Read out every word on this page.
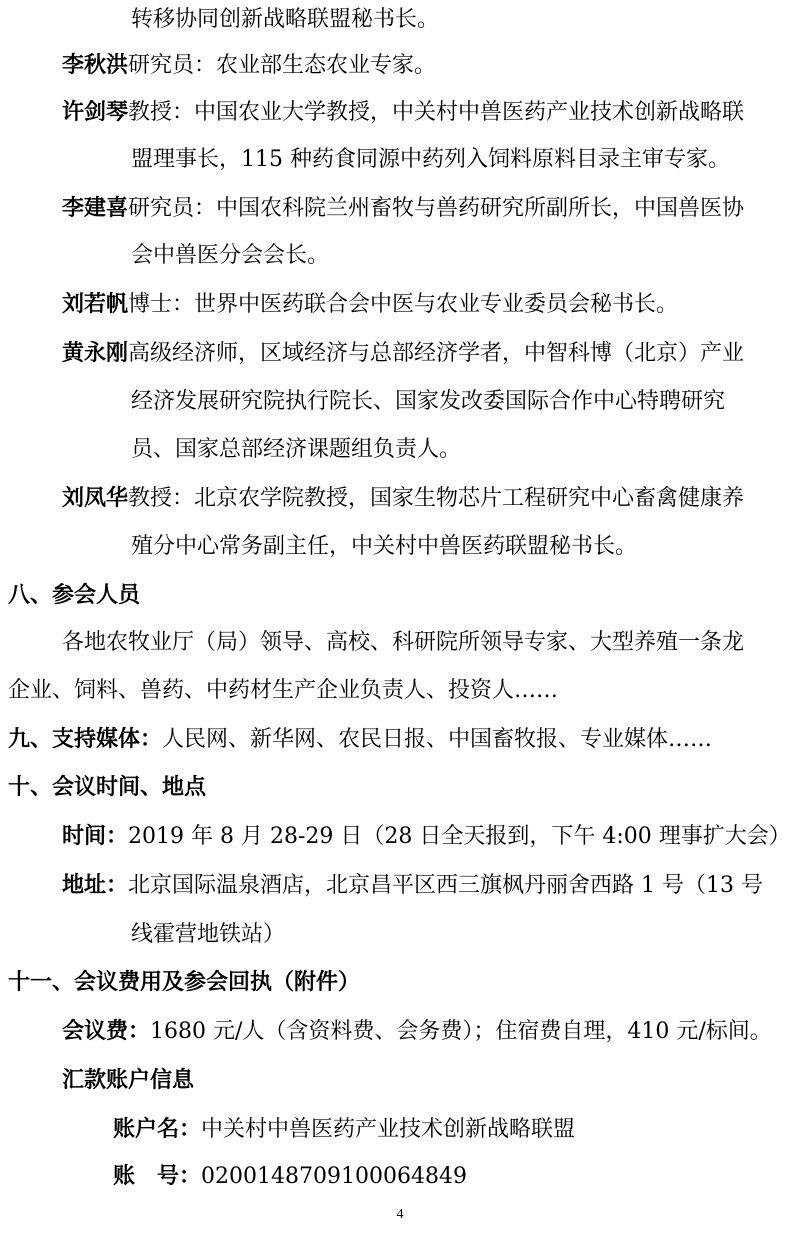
转移协同创新战略联盟秘书长。
李秋洪研究员：农业部生态农业专家。
许剑琴教授：中国农业大学教授，中关村中兽医药产业技术创新战略联
盟理事长，115 种药食同源中药列入饲料原料目录主审专家。
李建喜研究员：中国农科院兰州畜牧与兽药研究所副所长，中国兽医协
会中兽医分会会长。
刘若帆博士：世界中医药联合会中医与农业专业委员会秘书长。
黄永刚高级经济师，区域经济与总部经济学者，中智科博（北京）产业
经济发展研究院执行院长、国家发改委国际合作中心特聘研究
员、国家总部经济课题组负责人。
刘凤华教授：北京农学院教授，国家生物芯片工程研究中心畜禽健康养
殖分中心常务副主任，中关村中兽医药联盟秘书长。
八、参会人员
各地农牧业厅（局）领导、高校、科研院所领导专家、大型养殖一条龙
企业、饲料、兽药、中药材生产企业负责人、投资人……
九、支持媒体：人民网、新华网、农民日报、中国畜牧报、专业媒体……
十、会议时间、地点
时间：2019 年 8 月 28-29 日（28 日全天报到，下午 4:00 理事扩大会）
地址：北京国际温泉酒店，北京昌平区西三旗枫丹丽舍西路 1 号（13 号
线霍营地铁站）
十一、会议费用及参会回执（附件）
会议费：1680 元/人（含资料费、会务费）；住宿费自理，410 元/标间。
汇款账户信息
账户名：中关村中兽医药产业技术创新战略联盟
账　号：0200148709100064849
4
